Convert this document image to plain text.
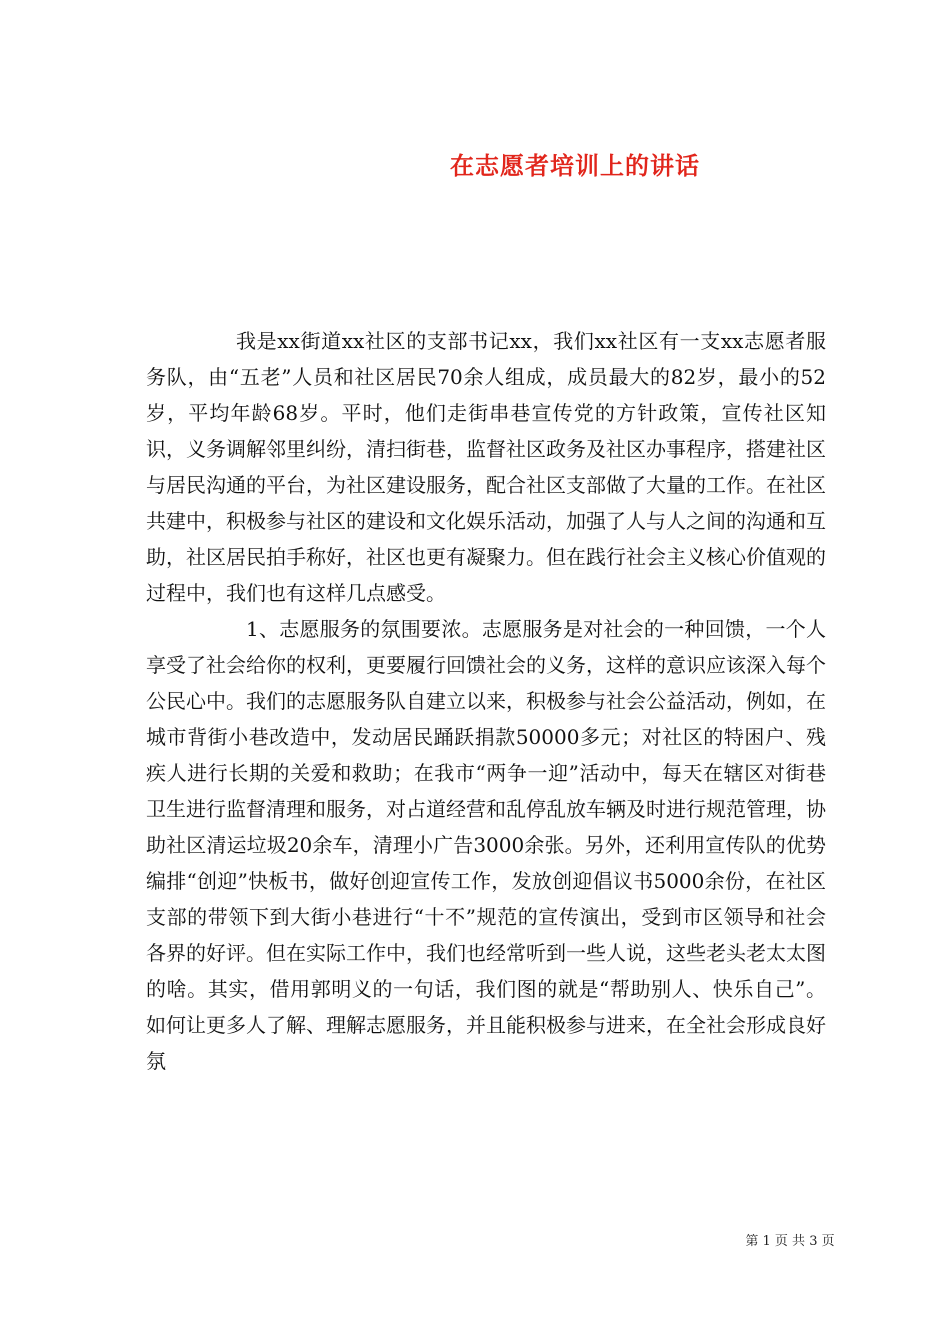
在志愿者培训上的讲话

我是xx街道xx社区的支部书记xx，我们xx社区有一支xx志愿者服务队，由“五老”人员和社区居民70余人组成，成员最大的82岁，最小的52岁，平均年龄68岁。平时，他们走街串巷宣传党的方针政策，宣传社区知识，义务调解邻里纠纷，清扫街巷，监督社区政务及社区办事程序，搭建社区与居民沟通的平台，为社区建设服务，配合社区支部做了大量的工作。在社区共建中，积极参与社区的建设和文化娱乐活动，加强了人与人之间的沟通和互助，社区居民拍手称好，社区也更有凝聚力。但在践行社会主义核心价值观的过程中，我们也有这样几点感受。

1、志愿服务的氛围要浓。志愿服务是对社会的一种回馈，一个人享受了社会给你的权利，更要履行回馈社会的义务，这样的意识应该深入每个公民心中。我们的志愿服务队自建立以来，积极参与社会公益活动，例如，在城市背街小巷改造中，发动居民踊跃捐款50000多元；对社区的特困户、残疾人进行长期的关爱和救助；在我市“两争一迎”活动中，每天在辖区对街巷卫生进行监督清理和服务，对占道经营和乱停乱放车辆及时进行规范管理，协助社区清运垃圾20余车，清理小广告3000余张。另外，还利用宣传队的优势编排“创迎”快板书，做好创迎宣传工作，发放创迎倡议书5000余份，在社区支部的带领下到大街小巷进行“十不”规范的宣传演出，受到市区领导和社会各界的好评。但在实际工作中，我们也经常听到一些人说，这些老头老太太图的啥。其实，借用郭明义的一句话，我们图的就是“帮助别人、快乐自己”。如何让更多人了解、理解志愿服务，并且能积极参与进来，在全社会形成良好氛

第 1 页 共 3 页
